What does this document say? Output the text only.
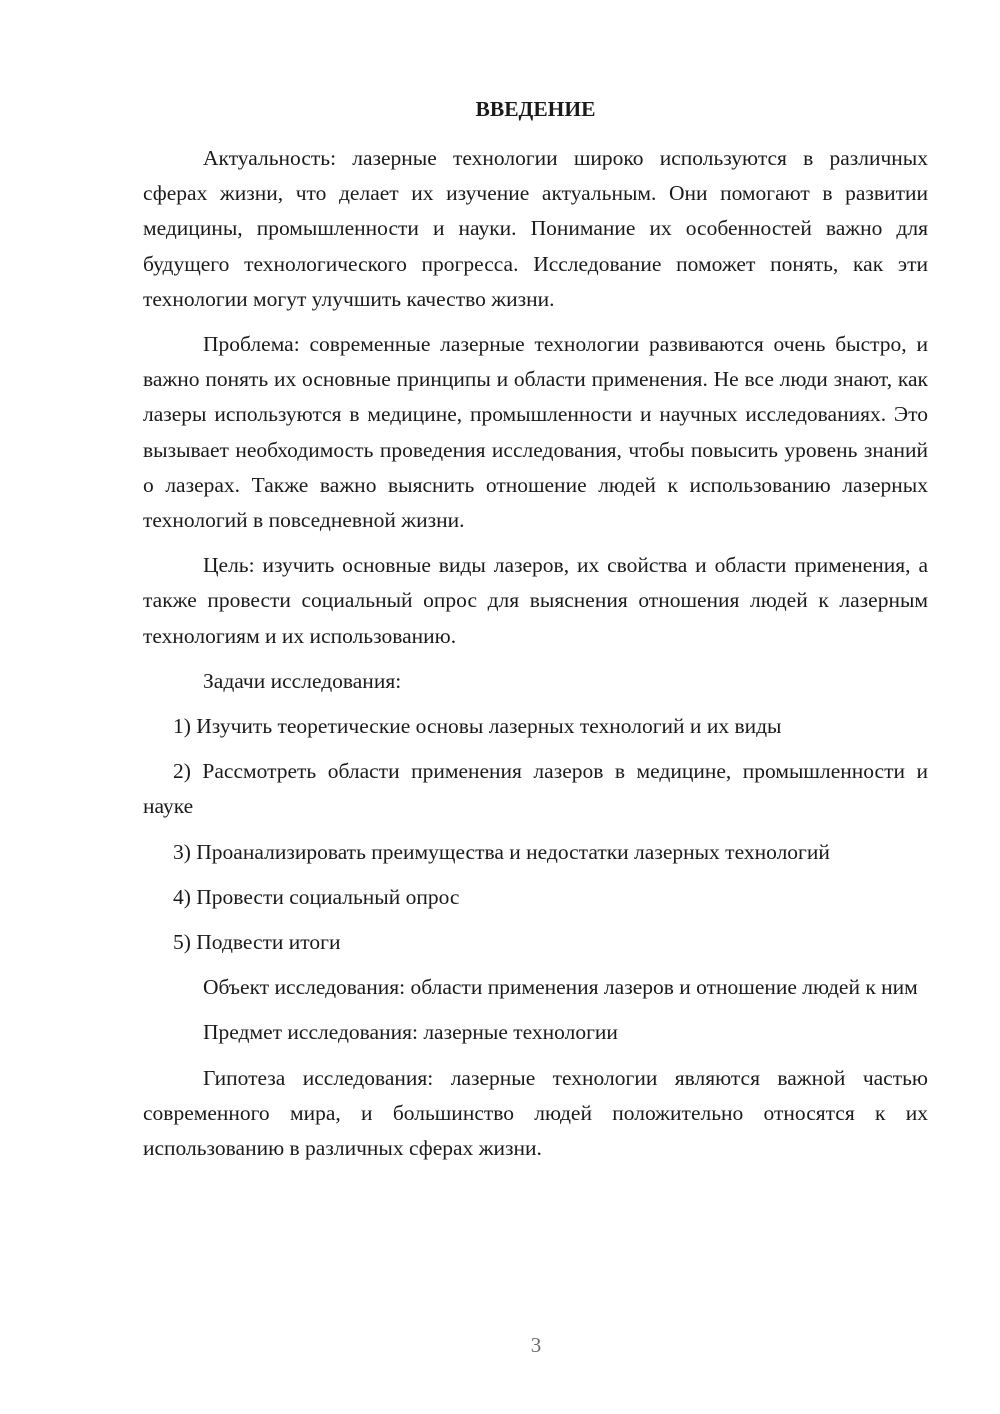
ВВЕДЕНИЕ

Актуальность: лазерные технологии широко используются в различных сферах жизни, что делает их изучение актуальным. Они помогают в развитии медицины, промышленности и науки. Понимание их особенностей важно для будущего технологического прогресса. Исследование поможет понять, как эти технологии могут улучшить качество жизни.

Проблема: современные лазерные технологии развиваются очень быстро, и важно понять их основные принципы и области применения. Не все люди знают, как лазеры используются в медицине, промышленности и научных исследованиях. Это вызывает необходимость проведения исследования, чтобы повысить уровень знаний о лазерах. Также важно выяснить отношение людей к использованию лазерных технологий в повседневной жизни.

Цель: изучить основные виды лазеров, их свойства и области применения, а также провести социальный опрос для выяснения отношения людей к лазерным технологиям и их использованию.

Задачи исследования:

1) Изучить теоретические основы лазерных технологий и их виды

2) Рассмотреть области применения лазеров в медицине, промышленности и науке

3) Проанализировать преимущества и недостатки лазерных технологий

4) Провести социальный опрос

5) Подвести итоги

Объект исследования: области применения лазеров и отношение людей к ним

Предмет исследования: лазерные технологии

Гипотеза исследования: лазерные технологии являются важной частью современного мира, и большинство людей положительно относятся к их использованию в различных сферах жизни.

3
